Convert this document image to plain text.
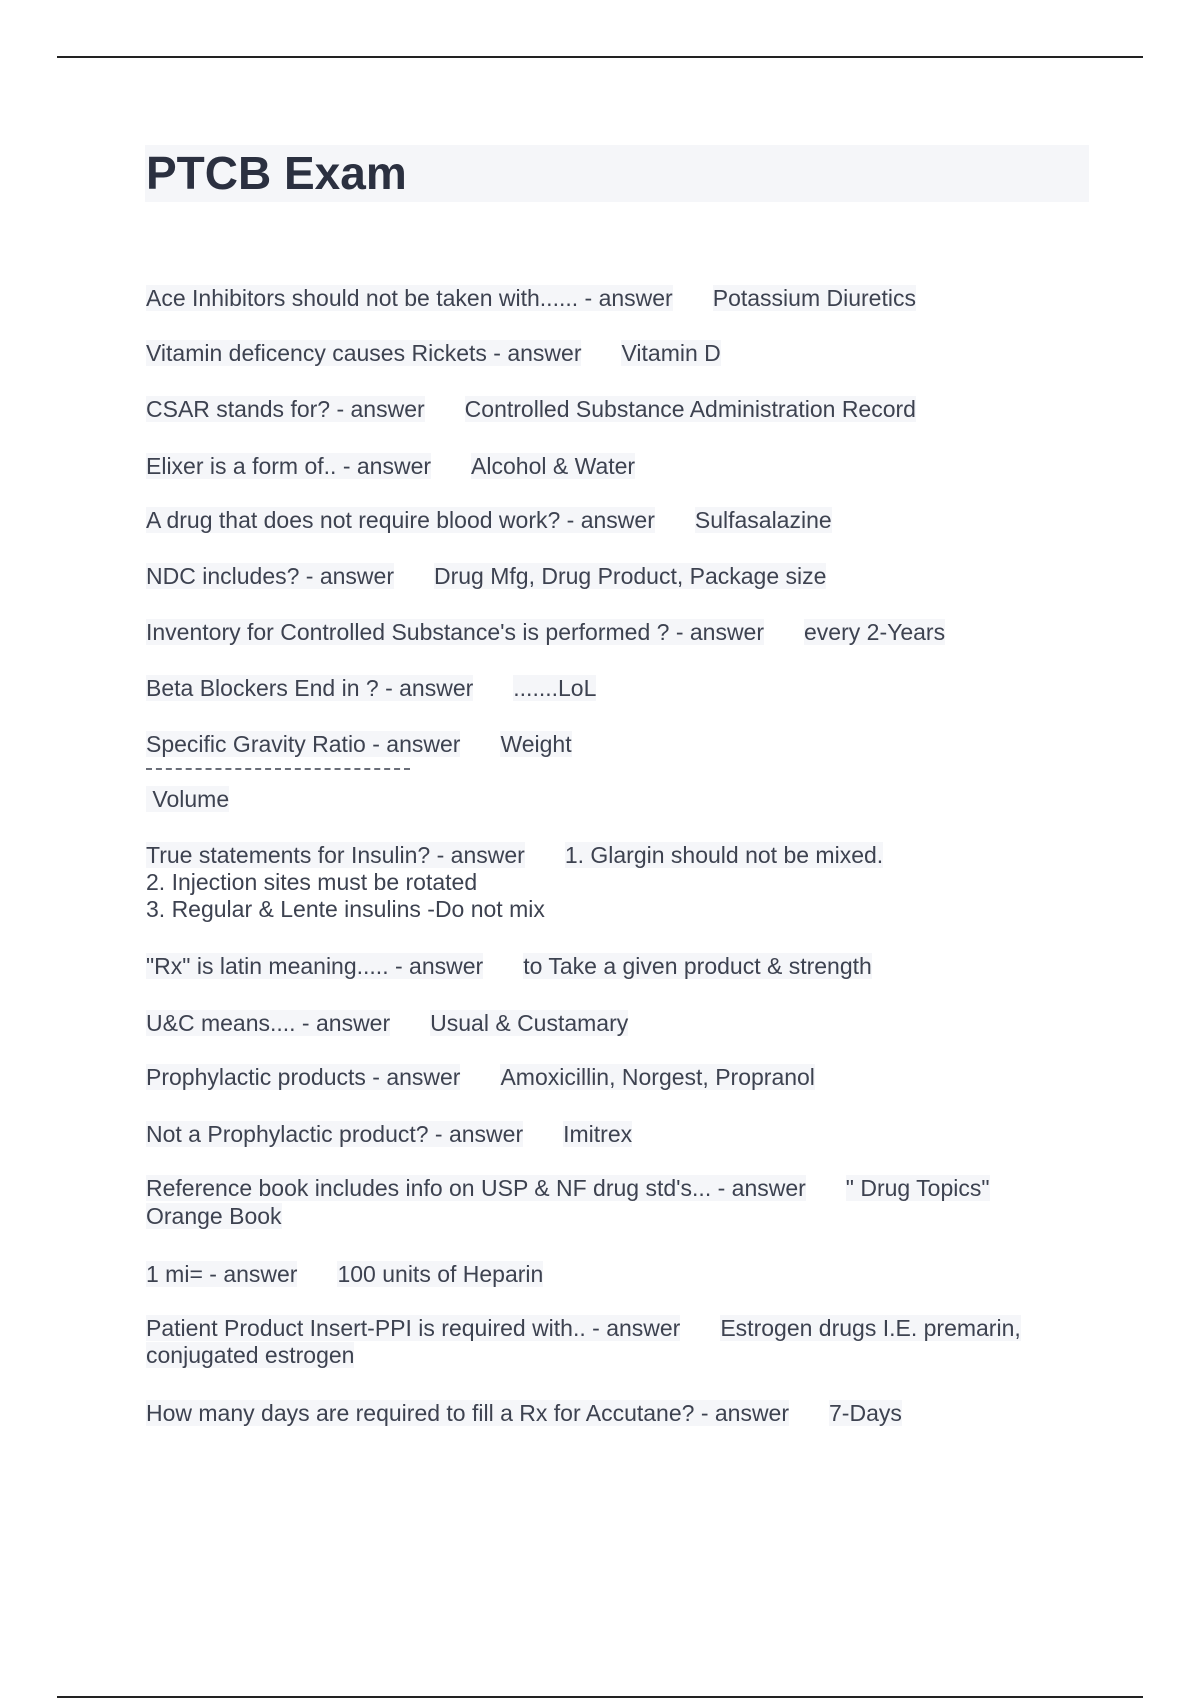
PTCB Exam
Ace Inhibitors should not be taken with...... - answer Potassium Diuretics
Vitamin deficency causes Rickets - answer Vitamin D
CSAR stands for? - answer Controlled Substance Administration Record
Elixer is a form of.. - answer Alcohol & Water
A drug that does not require blood work? - answer Sulfasalazine
NDC includes? - answer Drug Mfg, Drug Product, Package size
Inventory for Controlled Substance's is performed ? - answer every 2-Years
Beta Blockers End in ? - answer .......LoL
Specific Gravity Ratio - answer Weight
Volume
True statements for Insulin? - answer 1. Glargin should not be mixed.
2. Injection sites must be rotated
3. Regular & Lente insulins -Do not mix
"Rx" is latin meaning..... - answer to Take a given product & strength
U&C means.... - answer Usual & Custamary
Prophylactic products - answer Amoxicillin, Norgest, Propranol
Not a Prophylactic product? - answer Imitrex
Reference book includes info on USP & NF drug std's... - answer " Drug Topics"
Orange Book
1 mi= - answer 100 units of Heparin
Patient Product Insert-PPI is required with.. - answer Estrogen drugs I.E. premarin,
conjugated estrogen
How many days are required to fill a Rx for Accutane? - answer 7-Days
